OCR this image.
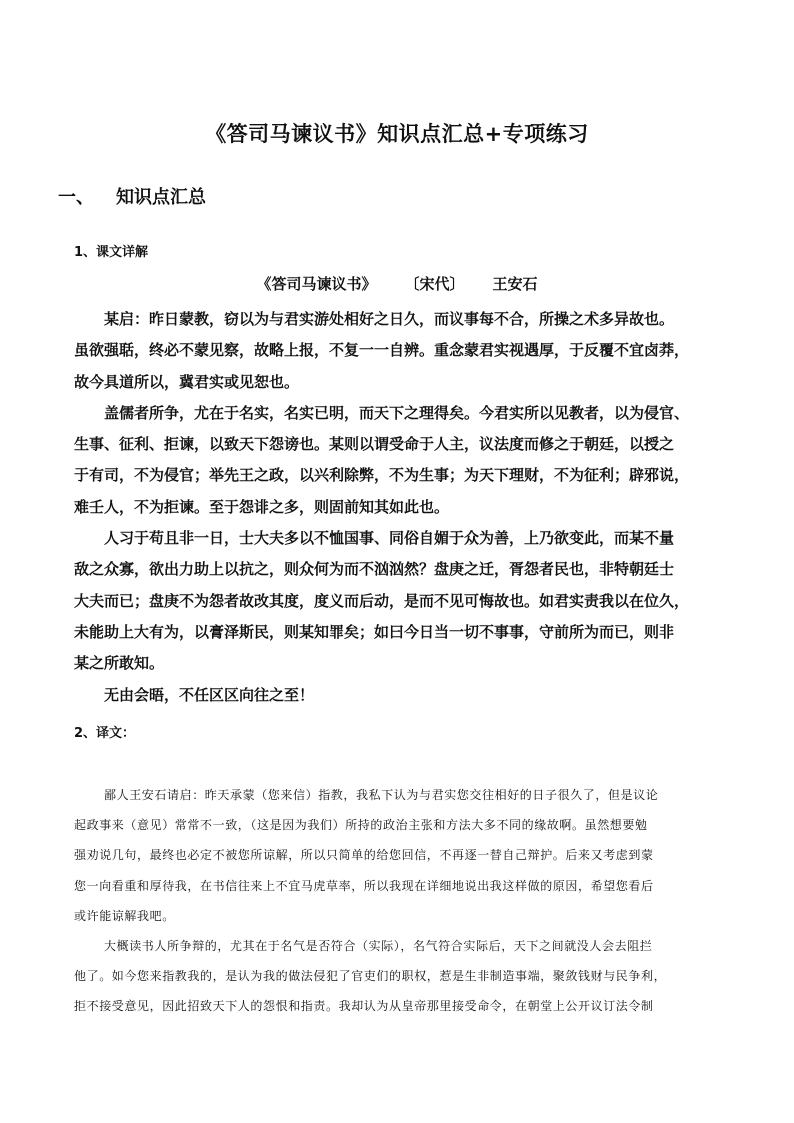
《答司马谏议书》知识点汇总+专项练习
一、 知识点汇总
1、课文详解
《答司马谏议书》 〔宋代〕 王安石
某启：昨日蒙教，窃以为与君实游处相好之日久，而议事每不合，所操之术多异故也。
虽欲强聒，终必不蒙见察，故略上报，不复一一自辨。重念蒙君实视遇厚，于反覆不宜卤莽，
故今具道所以，冀君实或见恕也。
盖儒者所争，尤在于名实，名实已明，而天下之理得矣。今君实所以见教者，以为侵官、
生事、征利、拒谏，以致天下怨谤也。某则以谓受命于人主，议法度而修之于朝廷，以授之
于有司，不为侵官；举先王之政，以兴利除弊，不为生事；为天下理财，不为征利；辟邪说，
难壬人，不为拒谏。至于怨诽之多，则固前知其如此也。
人习于苟且非一日，士大夫多以不恤国事、同俗自媚于众为善，上乃欲变此，而某不量
敌之众寡，欲出力助上以抗之，则众何为而不汹汹然？盘庚之迁，胥怨者民也，非特朝廷士
大夫而已；盘庚不为怨者故改其度，度义而后动，是而不见可悔故也。如君实责我以在位久，
未能助上大有为，以膏泽斯民，则某知罪矣；如曰今日当一切不事事，守前所为而已，则非
某之所敢知。
无由会晤，不任区区向往之至！
2、译文：
鄙人王安石请启：昨天承蒙（您来信）指教，我私下认为与君实您交往相好的日子很久了，但是议论
起政事来（意见）常常不一致，（这是因为我们）所持的政治主张和方法大多不同的缘故啊。虽然想要勉
强劝说几句，最终也必定不被您所谅解，所以只简单的给您回信，不再逐一替自己辩护。后来又考虑到蒙
您一向看重和厚待我，在书信往来上不宜马虎草率，所以我现在详细地说出我这样做的原因，希望您看后
或许能谅解我吧。
大概读书人所争辩的，尤其在于名气是否符合（实际），名气符合实际后，天下之间就没人会去阻拦
他了。如今您来指教我的，是认为我的做法侵犯了官吏们的职权，惹是生非制造事端，聚敛钱财与民争利，
拒不接受意见，因此招致天下人的怨恨和指责。我却认为从皇帝那里接受命令，在朝堂上公开议订法令制
